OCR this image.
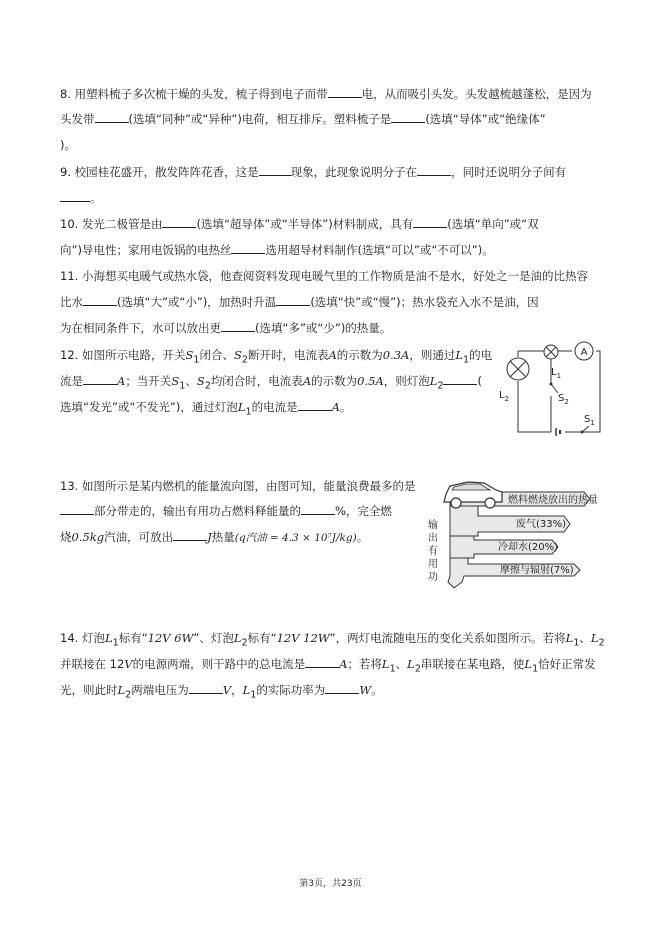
8. 用塑料梳子多次梳干燥的头发，梳子得到电子而带	电，从而吸引头发。头发越梳越蓬松，是因为
头发带	(选填“同种”或“异种”)电荷，相互排斥。塑料梳子是	(选填“导体”或“绝缘体”
)。
9. 校园桂花盛开，散发阵阵花香，这是	现象，此现象说明分子在	，同时还说明分子间有
。
10. 发光二极管是由	(选填“超导体”或“半导体”)材料制成，具有	(选填“单向”或“双
向”)导电性；家用电饭锅的电热丝	选用超导材料制作(选填“可以”或“不可以”)。
11. 小海想买电暖气或热水袋，他查阅资料发现电暖气里的工作物质是油不是水，好处之一是油的比热容
比水	(选填“大”或“小”)，加热时升温	(选填“快”或“慢”)；热水袋充入水不是油，因
为在相同条件下，水可以放出更	(选填“多”或“少”)的热量。
12. 如图所示电路，开关$S_1$闭合、$S_2$断开时，电流表A的示数为0.3A，则通过$L_1$的电
流是	A；当开关$S_1$、$S_2$均闭合时，电流表A的示数为0.5A，则灯泡$L_2$	(
选填“发光”或“不发光”)，通过灯泡$L_1$的电流是	A。
A
$L_1$
$L_2$	$S_2$
$S_1$
13. 如图所示是某内燃机的能量流向图，由图可知，能量浪费最多的是
部分带走的，输出有用功占燃料释能量的	%，完全燃
烧0.5kg汽油，可放出	J热量(q汽油 = 4.3 × 10⁷J/kg)。
燃料燃烧放出的热量
废气(33%)
冷却水(20%)
摩擦与辐射(7%)
输
出
有
用
功
14. 灯泡$L_1$标有“12V 6W”、灯泡$L_2$标有“12V 12W”，两灯电流随电压的变化关系如图所示。若将$L_1$、$L_2$
并联接在 12V的电源两端，则干路中的总电流是	A；若将$L_1$、$L_2$串联接在某电路，使$L_1$恰好正常发
光，则此时$L_2$两端电压为	V，$L_1$的实际功率为	W。
第3页，共23页
